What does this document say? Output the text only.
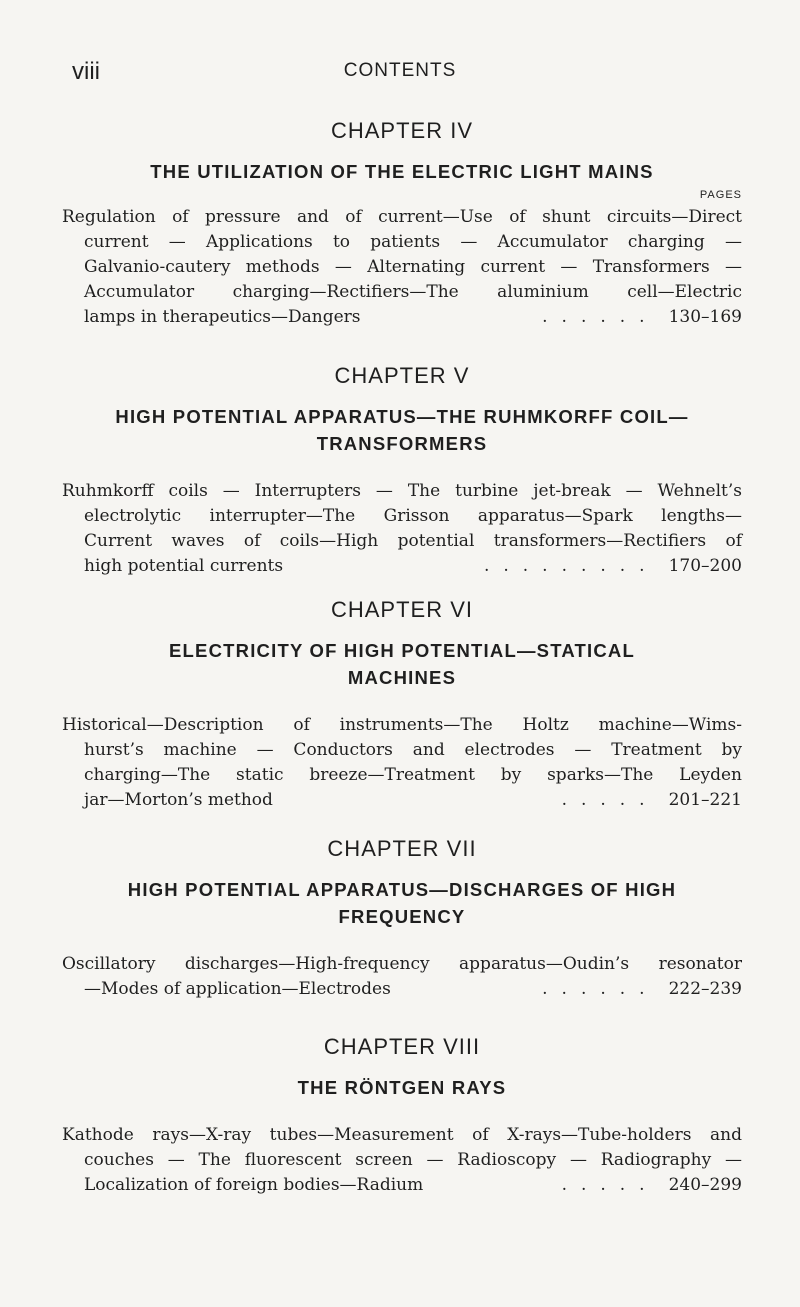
viii	CONTENTS

CHAPTER IV

THE UTILIZATION OF THE ELECTRIC LIGHT MAINS

PAGES
Regulation of pressure and of current—Use of shunt circuits—Direct
current — Applications to patients — Accumulator charging —
Galvanio-cautery methods — Alternating current — Transformers —
Accumulator charging—Rectifiers—The aluminium cell—Electric
lamps in therapeutics—Dangers	...... 130–169

CHAPTER V

HIGH POTENTIAL APPARATUS—THE RUHMKORFF COIL—
TRANSFORMERS

Ruhmkorff coils — Interrupters — The turbine jet-break — Wehnelt’s
electrolytic interrupter—The Grisson apparatus—Spark lengths—
Current waves of coils—High potential transformers—Rectifiers of
high potential currents	......... 170–200

CHAPTER VI

ELECTRICITY OF HIGH POTENTIAL—STATICAL
MACHINES

Historical—Description of instruments—The Holtz machine—Wims-
hurst’s machine — Conductors and electrodes — Treatment by
charging—The static breeze—Treatment by sparks—The Leyden
jar—Morton’s method	..... 201–221

CHAPTER VII

HIGH POTENTIAL APPARATUS—DISCHARGES OF HIGH
FREQUENCY

Oscillatory discharges—High-frequency apparatus—Oudin’s resonator
—Modes of application—Electrodes	...... 222–239

CHAPTER VIII

THE RÖNTGEN RAYS

Kathode rays—X-ray tubes—Measurement of X-rays—Tube-holders and
couches — The fluorescent screen — Radioscopy — Radiography —
Localization of foreign bodies—Radium	..... 240–299
